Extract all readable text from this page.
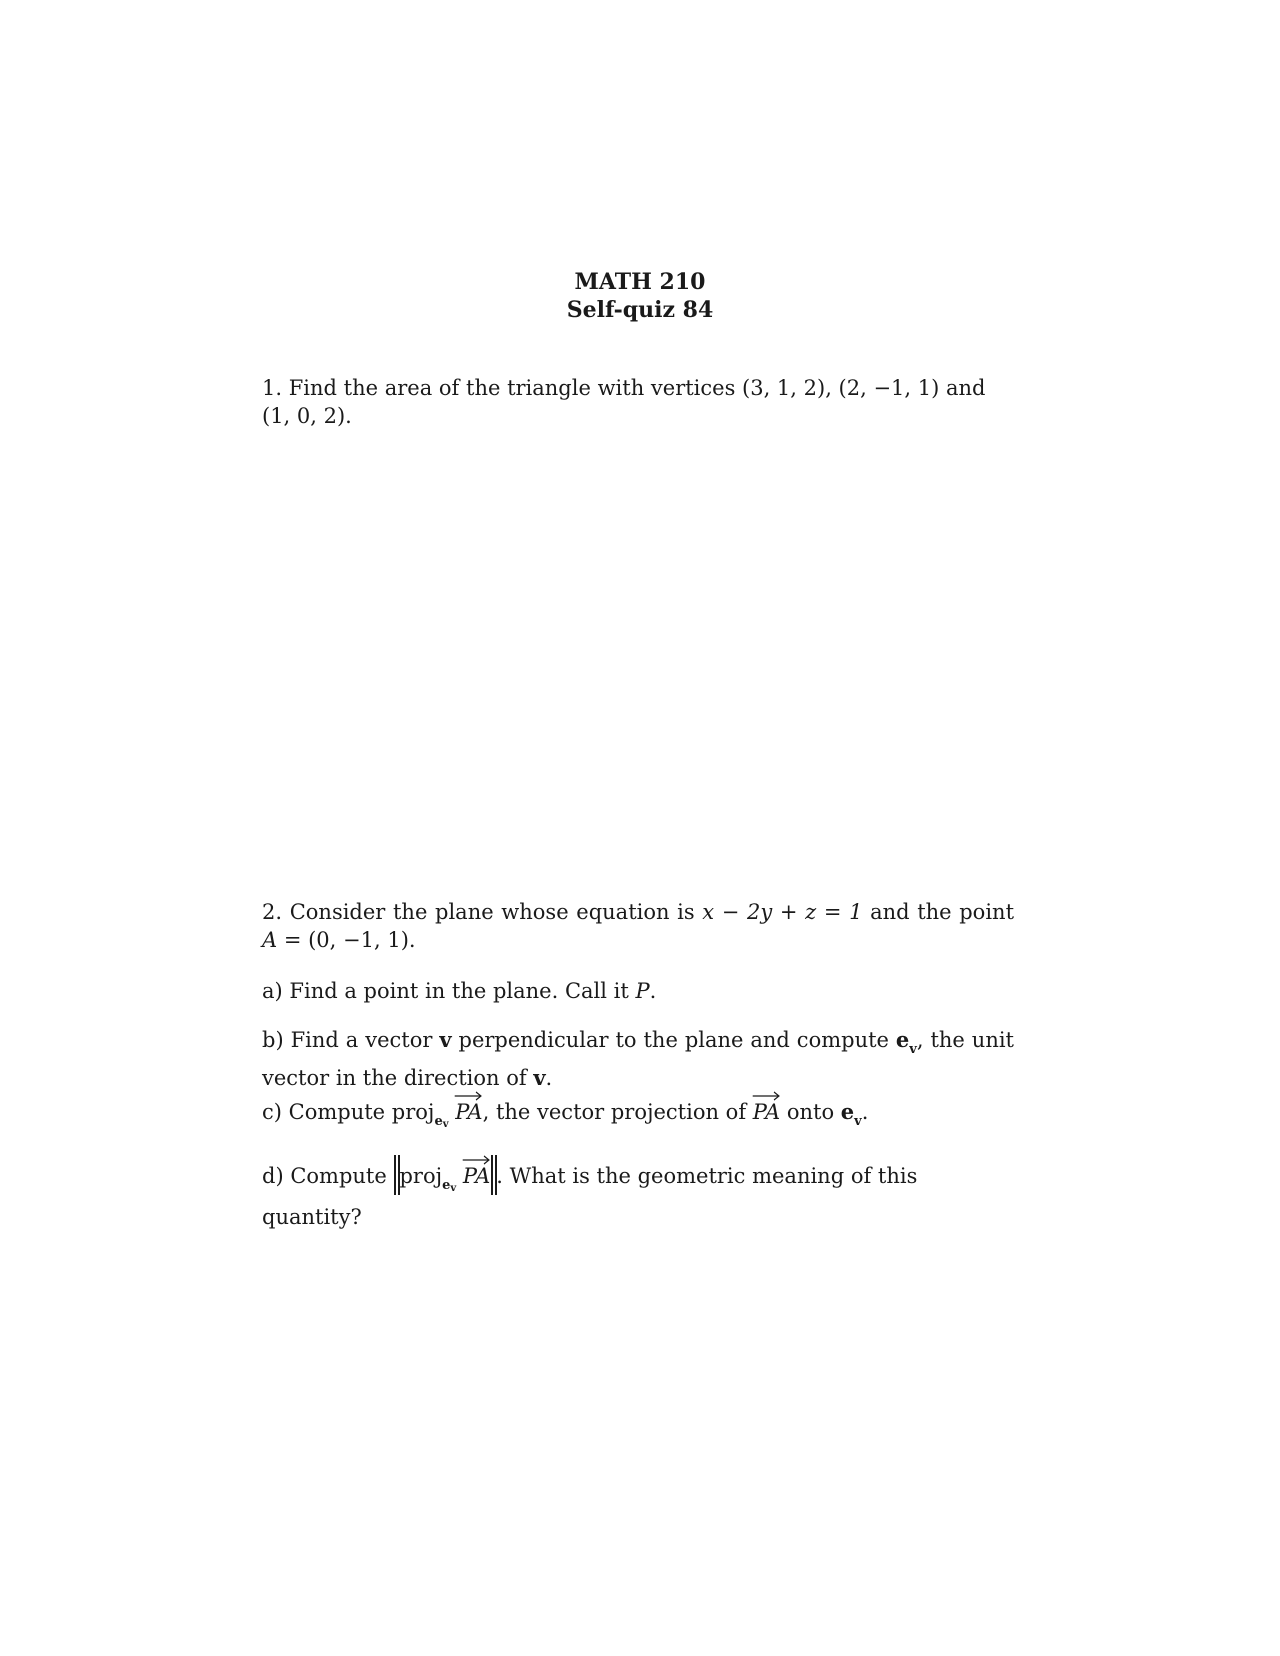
MATH 210
Self-quiz 84
1. Find the area of the triangle with vertices (3, 1, 2), (2, −1, 1) and (1, 0, 2).
2. Consider the plane whose equation is x − 2y + z = 1 and the point A = (0, −1, 1).
a) Find a point in the plane. Call it P.
b) Find a vector v perpendicular to the plane and compute $e_v$, the unit vector in the direction of v.
c) Compute proj$_{e_v}$
PA, the vector projection of
PA onto $e_v$.
d) Compute proj$_{e_v}$
PA . What is the geometric meaning of this quantity?
